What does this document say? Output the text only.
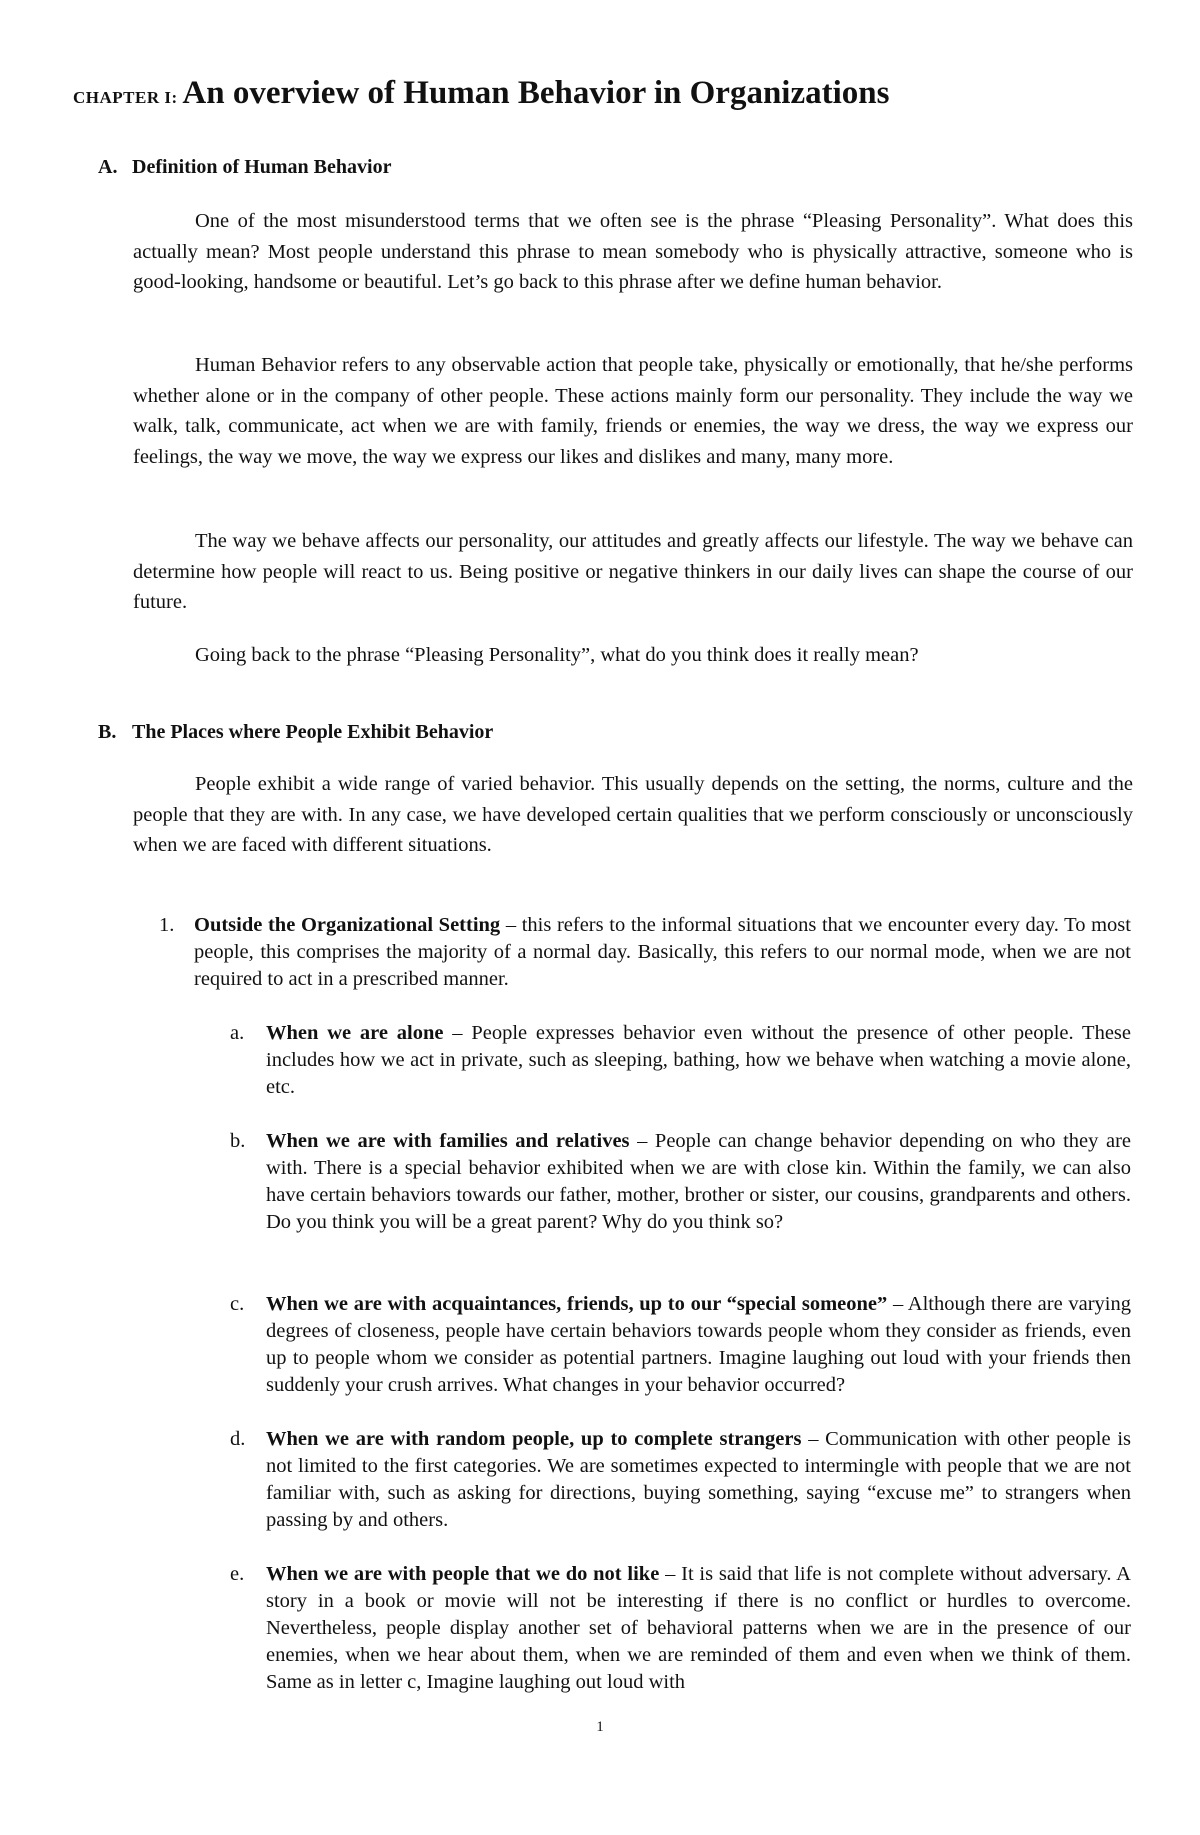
CHAPTER I: An overview of Human Behavior in Organizations
A. Definition of Human Behavior

One of the most misunderstood terms that we often see is the phrase “Pleasing Personality”. What does this actually mean? Most people understand this phrase to mean somebody who is physically attractive, someone who is good-looking, handsome or beautiful. Let’s go back to this phrase after we define human behavior.

Human Behavior refers to any observable action that people take, physically or emotionally, that he/she performs whether alone or in the company of other people. These actions mainly form our personality. They include the way we walk, talk, communicate, act when we are with family, friends or enemies, the way we dress, the way we express our feelings, the way we move, the way we express our likes and dislikes and many, many more.

The way we behave affects our personality, our attitudes and greatly affects our lifestyle. The way we behave can determine how people will react to us. Being positive or negative thinkers in our daily lives can shape the course of our future.

Going back to the phrase “Pleasing Personality”, what do you think does it really mean?

B. The Places where People Exhibit Behavior

People exhibit a wide range of varied behavior. This usually depends on the setting, the norms, culture and the people that they are with. In any case, we have developed certain qualities that we perform consciously or unconsciously when we are faced with different situations.

1. Outside the Organizational Setting – this refers to the informal situations that we encounter every day. To most people, this comprises the majority of a normal day. Basically, this refers to our normal mode, when we are not required to act in a prescribed manner.
a. When we are alone – People expresses behavior even without the presence of other people. These includes how we act in private, such as sleeping, bathing, how we behave when watching a movie alone, etc.
b. When we are with families and relatives – People can change behavior depending on who they are with. There is a special behavior exhibited when we are with close kin. Within the family, we can also have certain behaviors towards our father, mother, brother or sister, our cousins, grandparents and others. Do you think you will be a great parent? Why do you think so?
c. When we are with acquaintances, friends, up to our “special someone” – Although there are varying degrees of closeness, people have certain behaviors towards people whom they consider as friends, even up to people whom we consider as potential partners. Imagine laughing out loud with your friends then suddenly your crush arrives. What changes in your behavior occurred?
d. When we are with random people, up to complete strangers – Communication with other people is not limited to the first categories. We are sometimes expected to intermingle with people that we are not familiar with, such as asking for directions, buying something, saying “excuse me” to strangers when passing by and others.
e. When we are with people that we do not like – It is said that life is not complete without adversary. A story in a book or movie will not be interesting if there is no conflict or hurdles to overcome. Nevertheless, people display another set of behavioral patterns when we are in the presence of our enemies, when we hear about them, when we are reminded of them and even when we think of them. Same as in letter c, Imagine laughing out loud with
1
